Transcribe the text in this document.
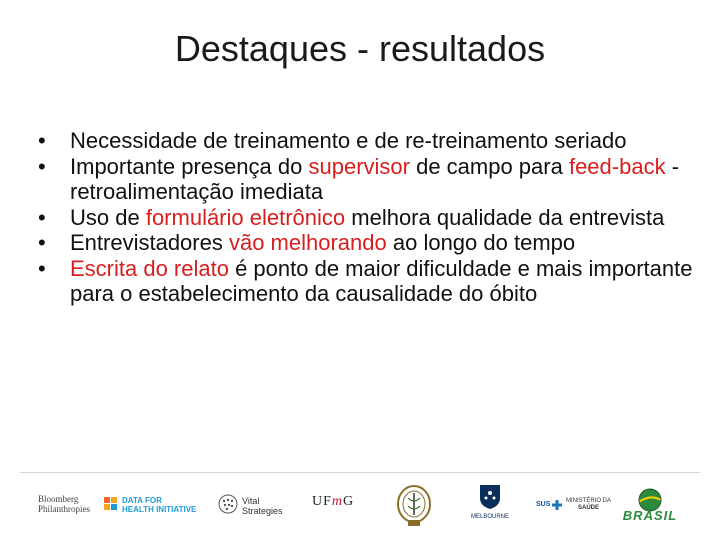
Destaques - resultados
• Necessidade de treinamento e de re-treinamento seriado
• Importante presença do supervisor de campo para feed-back - retroalimentação imediata
• Uso de formulário eletrônico melhora qualidade da entrevista
• Entrevistadores vão melhorando ao longo do tempo
• Escrita do relato é ponto de maior dificuldade e mais importante para o estabelecimento da causalidade do óbito
Bloomberg Philanthropies
DATA FOR
HEALTH INITIATIVE
Vital
Strategies
UFmG
MELBOURNE
SUS	MINISTÉRIO DA
SAÚDE	BRASIL
